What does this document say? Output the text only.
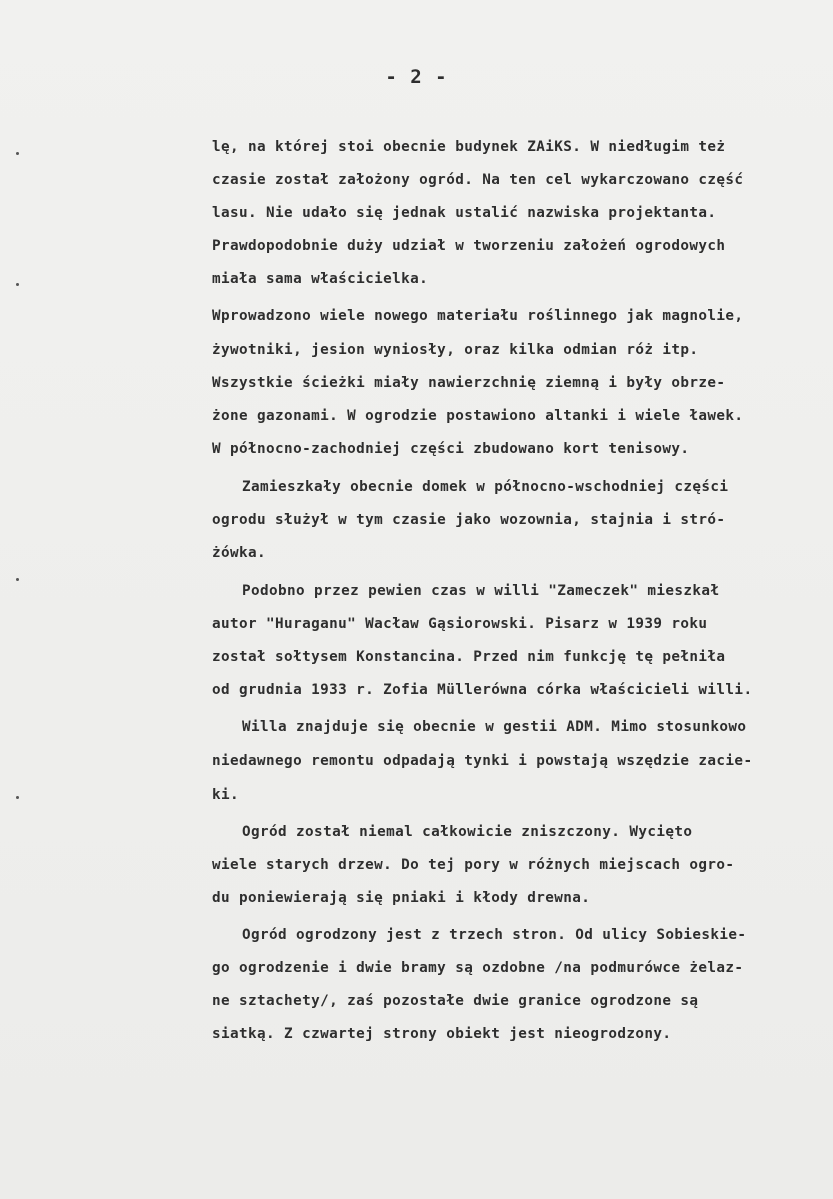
- 2 -
lę, na której stoi obecnie budynek ZAiKS. W niedługim też
czasie został założony ogród. Na ten cel wykarczowano część
lasu. Nie udało się jednak ustalić nazwiska projektanta.
Prawdopodobnie duży udział w tworzeniu założeń ogrodowych
miała sama właścicielka.
Wprowadzono wiele nowego materiału roślinnego jak magnolie,
żywotniki, jesion wyniosły, oraz kilka odmian róż itp.
Wszystkie ścieżki miały nawierzchnię ziemną i były obrze-
żone gazonami. W ogrodzie postawiono altanki i wiele ławek.
W północno-zachodniej części zbudowano kort tenisowy.
Zamieszkały obecnie domek w północno-wschodniej części
ogrodu służył w tym czasie jako wozownia, stajnia i stró-
żówka.
Podobno przez pewien czas w willi "Zameczek" mieszkał
autor "Huraganu" Wacław Gąsiorowski. Pisarz w 1939 roku
został sołtysem Konstancina. Przed nim funkcję tę pełniła
od grudnia 1933 r. Zofia Müllerówna córka właścicieli willi.
Willa znajduje się obecnie w gestii ADM. Mimo stosunkowo
niedawnego remontu odpadają tynki i powstają wszędzie zacie-
ki.
Ogród został niemal całkowicie zniszczony. Wycięto
wiele starych drzew. Do tej pory w różnych miejscach ogro-
du poniewierają się pniaki i kłody drewna.
Ogród ogrodzony jest z trzech stron. Od ulicy Sobieskie-
go ogrodzenie i dwie bramy są ozdobne /na podmurówce żelaz-
ne sztachety/, zaś pozostałe dwie granice ogrodzone są
siatką. Z czwartej strony obiekt jest nieogrodzony.
